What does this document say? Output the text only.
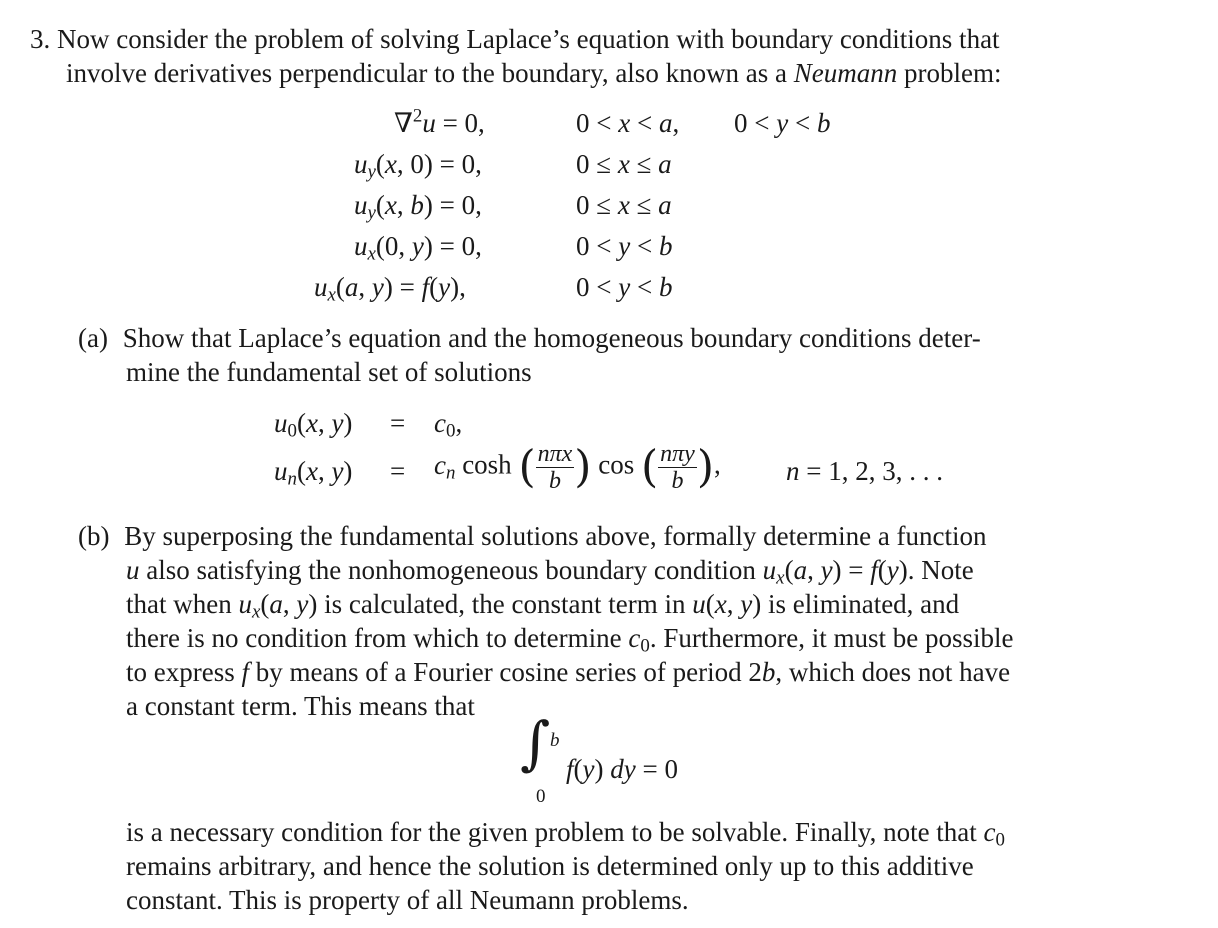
3. Now consider the problem of solving Laplace’s equation with boundary conditions that
involve derivatives perpendicular to the boundary, also known as a Neumann problem:
∇$^2$u = 0,	0 < x < a, 0 < y < b
$u_y(x$, 0) = 0,	0 ≤ x ≤ a
$u_y(x$, b) = 0,	0 ≤ x ≤ a
$u_x(0$, y) = 0,	0 < y < b
$u_x(a$, y) = f(y),	0 < y < b
(a) Show that Laplace’s equation and the homogeneous boundary conditions deter-
mine the fundamental set of solutions
$u_0(x$, $y) = c_0$,
$u_n(x$, $y) = c_n$ cosh ( $\frac{\text{nπx}}{b}$ ) cos ( $\frac{\text{nπy}}{b}$ ), n = 1, 2, 3, . . .
(b) By superposing the fundamental solutions above, formally determine a function
u also satisfying the nonhomogeneous boundary condition $u_x(a$, y) = f(y). Note
that when $u_x(a$, y) is calculated, the constant term in u(x, y) is eliminated, and
there is no condition from which to determine $c_0$. Furthermore, it must be possible
to express f by means of a Fourier cosine series of period 2b, which does not have
a constant term. This means that
∫ b
0
f(y) dy = 0
is a necessary condition for the given problem to be solvable. Finally, note that $c_0$
remains arbitrary, and hence the solution is determined only up to this additive
constant. This is property of all Neumann problems.
